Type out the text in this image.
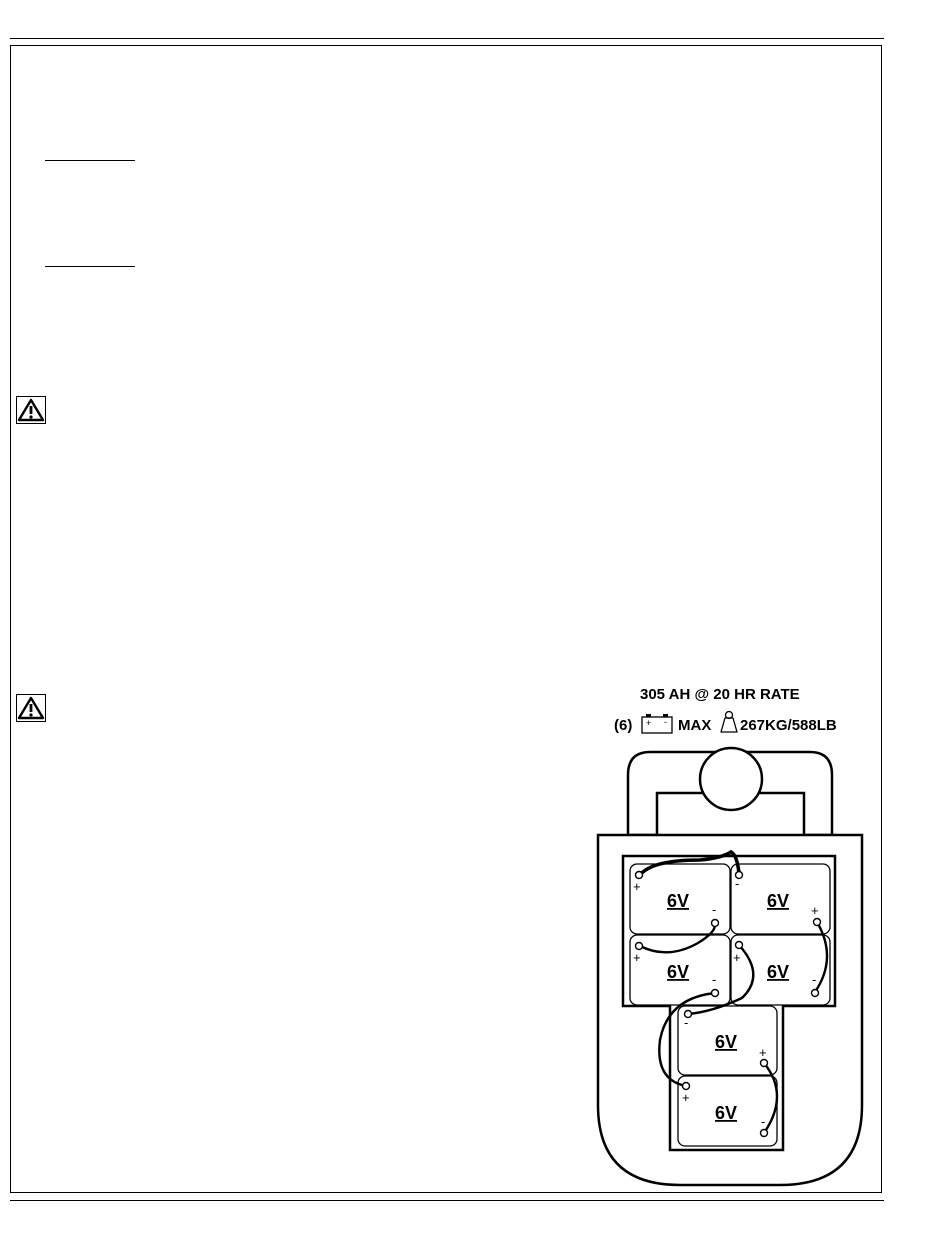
305 AH @ 20 HR RATE
(6) + - MAX 267KG/588LB
6V	6V
6V	6V
6V
6V
+	-
-	+
+	+
-	-
-
+
+
-
